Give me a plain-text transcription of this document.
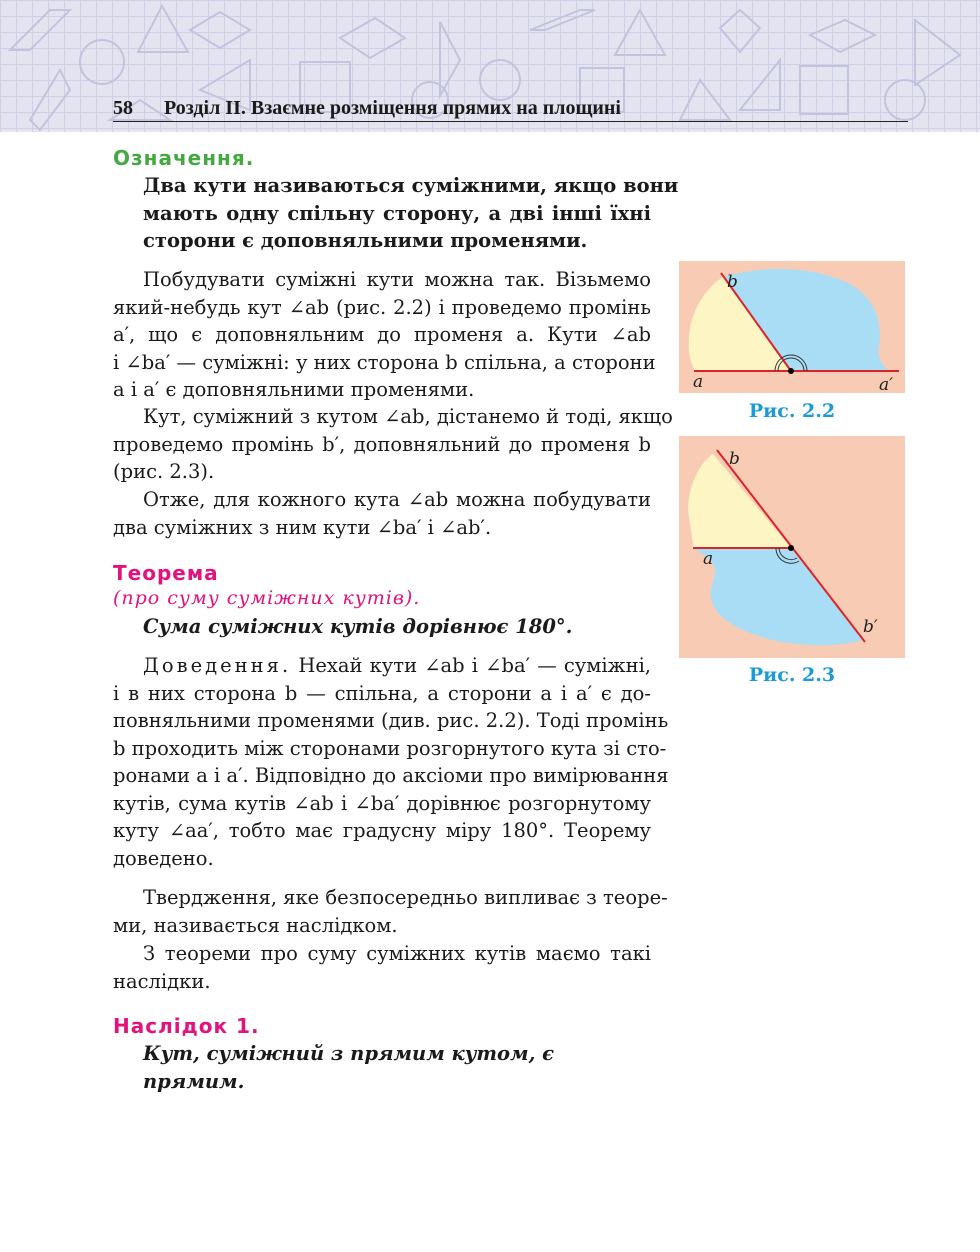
58 Розділ ІІ. Взаємне розміщення прямих на площині
Означення.
Два кути називаються суміжними, якщо вони
мають одну спільну сторону, а дві інші їхні
сторони є доповняльними променями.
Побудувати суміжні кути можна так. Візьмемо
який-небудь кут ∠ab (рис. 2.2) і проведемо промінь
a′, що є доповняльним до променя a. Кути ∠ab
і ∠ba′ — суміжні: у них сторона b спільна, а сторони
a і a′ є доповняльними променями.
Кут, суміжний з кутом ∠ab, дістанемо й тоді, якщо
проведемо промінь b′, доповняльний до променя b
(рис. 2.3).
Отже, для кожного кута ∠ab можна побудувати
два суміжних з ним кути ∠ba′ і ∠ab′.
Теорема
(про суму суміжних кутів).
Сума суміжних кутів дорівнює 180°.
Доведення. Нехай кути ∠ab і ∠ba′ — суміжні,
і в них сторона b — спільна, а сторони a і a′ є до-
повняльними променями (див. рис. 2.2). Тоді промінь
b проходить між сторонами розгорнутого кута зі сто-
ронами a і a′. Відповідно до аксіоми про вимірювання
кутів, сума кутів ∠ab і ∠ba′ дорівнює розгорнутому
куту ∠aa′, тобто має градусну міру 180°. Теорему
доведено.
Твердження, яке безпосередньо випливає з теоре-
ми, називається наслідком.
З теореми про суму суміжних кутів маємо такі
наслідки.
Наслідок 1.
Кут, суміжний з прямим кутом, є прямим.
a	a′
b
Рис. 2.2
a
b
b′
Рис. 2.3
